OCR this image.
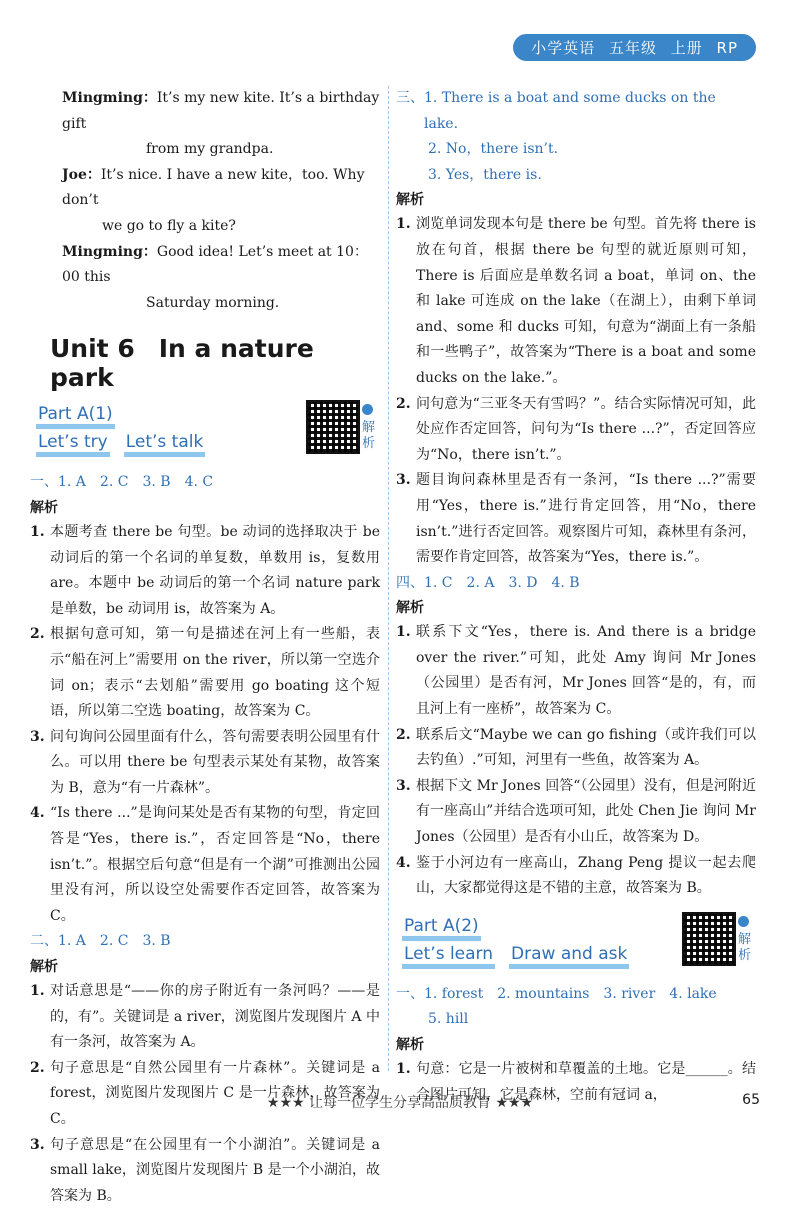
小学英语 五年级 上册 RP
Mingming：It’s my new kite. It’s a birthday gift
from my grandpa.
Joe：It’s nice. I have a new kite，too. Why don’t
we go to fly a kite?
Mingming：Good idea! Let’s meet at 10：00 this
Saturday morning.
Unit 6 In a nature park
Part A(1)
Let’s try Let’s talk
解析

一、1. A 2. C 3. B 4. C

解析

1. 本题考查 there be 句型。be 动词的选择取决于 be 动词后的第一个名词的单复数，单数用 is，复数用 are。本题中 be 动词后的第一个名词 nature park 是单数，be 动词用 is，故答案为 A。
2. 根据句意可知，第一句是描述在河上有一些船，表示“船在河上”需要用 on the river，所以第一空选介词 on；表示“去划船”需要用 go boating 这个短语，所以第二空选 boating，故答案为 C。
3. 问句询问公园里面有什么，答句需要表明公园里有什么。可以用 there be 句型表示某处有某物，故答案为 B，意为“有一片森林”。
4. “Is there ...”是询问某处是否有某物的句型，肯定回答是“Yes，there is.”，否定回答是“No，there isn’t.”。根据空后句意“但是有一个湖”可推测出公园里没有河，所以设空处需要作否定回答，故答案为 C。

二、1. A 2. C 3. B

解析

1. 对话意思是“——你的房子附近有一条河吗？——是的，有”。关键词是 a river，浏览图片发现图片 A 中有一条河，故答案为 A。
2. 句子意思是“自然公园里有一片森林”。关键词是 a forest，浏览图片发现图片 C 是一片森林，故答案为 C。
3. 句子意思是“在公园里有一个小湖泊”。关键词是 a small lake，浏览图片发现图片 B 是一个小湖泊，故答案为 B。
三、 1. There is a boat and some ducks on the lake.

2. No，there isn’t.

3. Yes，there is.

解析

1. 浏览单词发现本句是 there be 句型。首先将 there is 放在句首，根据 there be 句型的就近原则可知，There is 后面应是单数名词 a boat，单词 on、the 和 lake 可连成 on the lake（在湖上），由剩下单词 and、some 和 ducks 可知，句意为“湖面上有一条船和一些鸭子”，故答案为“There is a boat and some ducks on the lake.”。
2. 问句意为“三亚冬天有雪吗？”。结合实际情况可知，此处应作否定回答，问句为“Is there ...?”，否定回答应为“No，there isn’t.”。
3. 题目询问森林里是否有一条河，“Is there ...?”需要用“Yes，there is.”进行肯定回答，用“No，there isn’t.”进行否定回答。观察图片可知，森林里有条河，需要作肯定回答，故答案为“Yes，there is.”。

四、1. C 2. A 3. D 4. B

解析

1. 联系下文“Yes，there is. And there is a bridge over the river.”可知，此处 Amy 询问 Mr Jones（公园里）是否有河，Mr Jones 回答“是的，有，而且河上有一座桥”，故答案为 C。
2. 联系后文“Maybe we can go fishing（或许我们可以去钓鱼）.”可知，河里有一些鱼，故答案为 A。
3. 根据下文 Mr Jones 回答“（公园里）没有，但是河附近有一座高山”并结合选项可知，此处 Chen Jie 询问 Mr Jones（公园里）是否有小山丘，故答案为 D。
4. 鉴于小河边有一座高山，Zhang Peng 提议一起去爬山，大家都觉得这是不错的主意，故答案为 B。
Part A(2)
Let’s learn Draw and ask
解析

一、1. forest 2. mountains 3. river 4. lake

5. hill

解析

1. 句意：它是一片被树和草覆盖的土地。它是______。结合图片可知，它是森林，空前有冠词 a，
★★★ 让每一位学生分享高品质教育 ★★★	65
